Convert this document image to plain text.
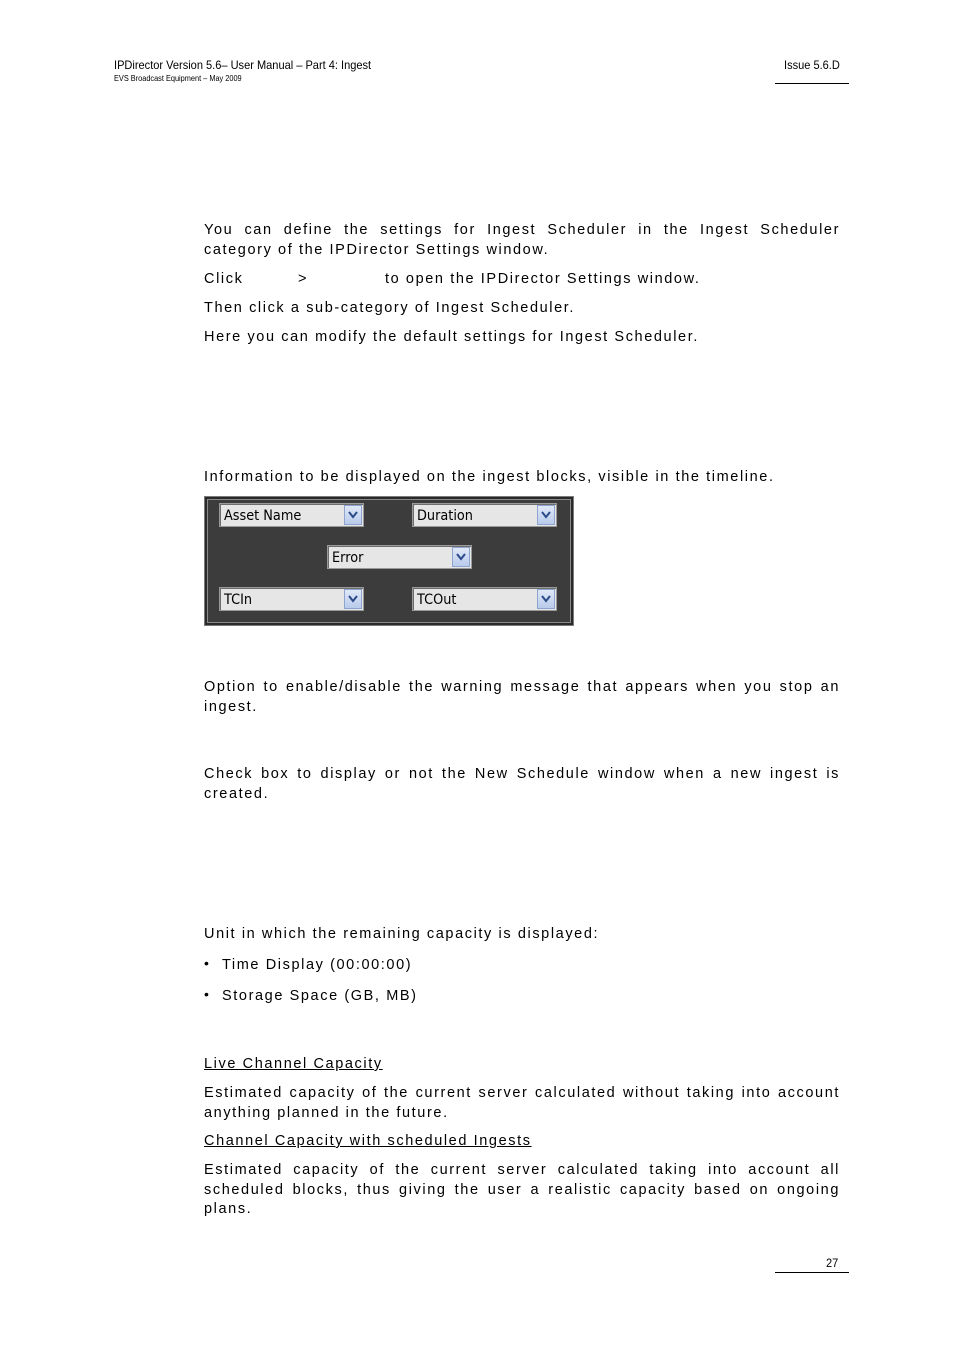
IPDirector Version 5.6– User Manual – Part 4: Ingest
EVS Broadcast Equipment – May 2009
Issue 5.6.D
You can define the settings for Ingest Scheduler in the Ingest Scheduler category of the IPDirector Settings window.
Click	>	to open the IPDirector Settings window.
Then click a sub-category of Ingest Scheduler.
Here you can modify the default settings for Ingest Scheduler.
Information to be displayed on the ingest blocks, visible in the timeline.
Asset Name	Duration
Error
TCIn	TCOut
Option to enable/disable the warning message that appears when you stop an ingest.
Check box to display or not the New Schedule window when a new ingest is created.
Unit in which the remaining capacity is displayed:
• Time Display (00:00:00)
• Storage Space (GB, MB)
Live Channel Capacity
Estimated capacity of the current server calculated without taking into account anything planned in the future.
Channel Capacity with scheduled Ingests
Estimated capacity of the current server calculated taking into account all scheduled blocks, thus giving the user a realistic capacity based on ongoing plans.
27
